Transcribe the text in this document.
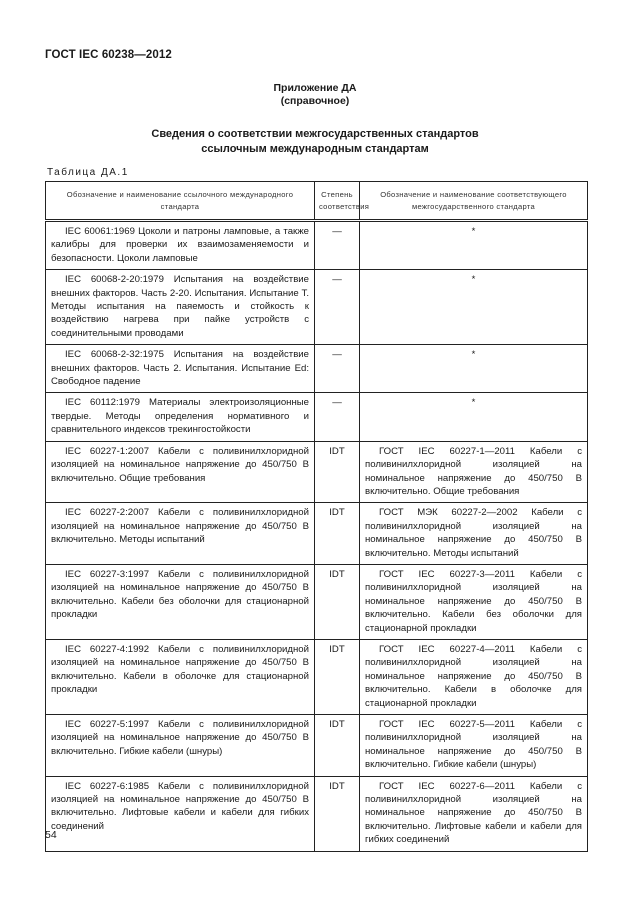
ГОСТ IEC 60238—2012
Приложение ДА
(справочное)
Сведения о соответствии межгосударственных стандартов
ссылочным международным стандартам
Таблица ДА.1
Обозначение и наименование ссылочного международного стандарта	Степень соответствия	Обозначение и наименование соответствующего межгосударственного стандарта
IEC 60061:1969 Цоколи и патроны ламповые, а также калибры для проверки их взаимозаменяемости и безопасности. Цоколи ламповые	—	*
IEC 60068-2-20:1979 Испытания на воздействие внешних факторов. Часть 2-20. Испытания. Испытание Т. Методы испытания на паяемость и стойкость к воздействию нагрева при пайке устройств с соединительными проводами	—	*
IEC 60068-2-32:1975 Испытания на воздействие внешних факторов. Часть 2. Испытания. Испытание Ed: Свободное падение	—	*
IEC 60112:1979 Материалы электроизоляционные твердые. Методы определения нормативного и сравнительного индексов трекингостойкости	—	*
IEC 60227-1:2007 Кабели с поливинилхлоридной изоляцией на номинальное напряжение до 450/750 В включительно. Общие требования	IDT	ГОСТ IEC 60227-1—2011 Кабели с поливинилхлоридной изоляцией на номинальное напряжение до 450/750 В включительно. Общие требования
IEC 60227-2:2007 Кабели с поливинилхлоридной изоляцией на номинальное напряжение до 450/750 В включительно. Методы испытаний	IDT	ГОСТ МЭК 60227-2—2002 Кабели с поливинилхлоридной изоляцией на номинальное напряжение до 450/750 В включительно. Методы испытаний
IEC 60227-3:1997 Кабели с поливинилхлоридной изоляцией на номинальное напряжение до 450/750 В включительно. Кабели без оболочки для стационарной прокладки	IDT	ГОСТ IEC 60227-3—2011 Кабели с поливинилхлоридной изоляцией на номинальное напряжение до 450/750 В включительно. Кабели без оболочки для стационарной прокладки
IEC 60227-4:1992 Кабели с поливинилхлоридной изоляцией на номинальное напряжение до 450/750 В включительно. Кабели в оболочке для стационарной прокладки	IDT	ГОСТ IEC 60227-4—2011 Кабели с поливинилхлоридной изоляцией на номинальное напряжение до 450/750 В включительно. Кабели в оболочке для стационарной прокладки
IEC 60227-5:1997 Кабели с поливинилхлоридной изоляцией на номинальное напряжение до 450/750 В включительно. Гибкие кабели (шнуры)	IDT	ГОСТ IEC 60227-5—2011 Кабели с поливинилхлоридной изоляцией на номинальное напряжение до 450/750 В включительно. Гибкие кабели (шнуры)
IEC 60227-6:1985 Кабели с поливинилхлоридной изоляцией на номинальное напряжение до 450/750 В включительно. Лифтовые кабели и кабели для гибких соединений	IDT	ГОСТ IEC 60227-6—2011 Кабели с поливинилхлоридной изоляцией на номинальное напряжение до 450/750 В включительно. Лифтовые кабели и кабели для гибких соединений
54
